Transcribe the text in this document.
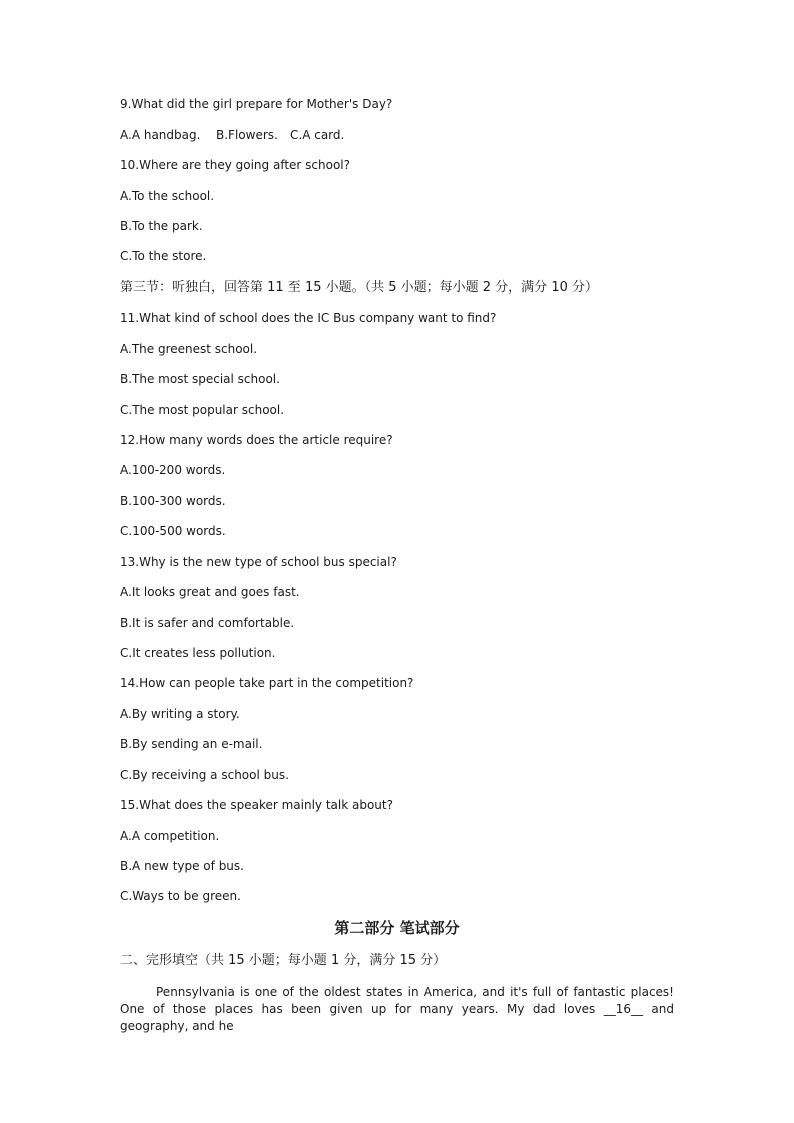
9.What did the girl prepare for Mother's Day?
A.A handbag. B.Flowers. C.A card.
10.Where are they going after school?
A.To the school.
B.To the park.
C.To the store.
第三节：听独白，回答第 11 至 15 小题。（共 5 小题；每小题 2 分，满分 10 分）
11.What kind of school does the IC Bus company want to find?
A.The greenest school.
B.The most special school.
C.The most popular school.
12.How many words does the article require?
A.100-200 words.
B.100-300 words.
C.100-500 words.
13.Why is the new type of school bus special?
A.It looks great and goes fast.
B.It is safer and comfortable.
C.It creates less pollution.
14.How can people take part in the competition?
A.By writing a story.
B.By sending an e-mail.
C.By receiving a school bus.
15.What does the speaker mainly talk about?
A.A competition.
B.A new type of bus.
C.Ways to be green.
第二部分 笔试部分
二、完形填空（共 15 小题；每小题 1 分，满分 15 分）
Pennsylvania is one of the oldest states in America, and it's full of fantastic places! One of those places has been given up for many years. My dad loves __16__ and geography, and he
